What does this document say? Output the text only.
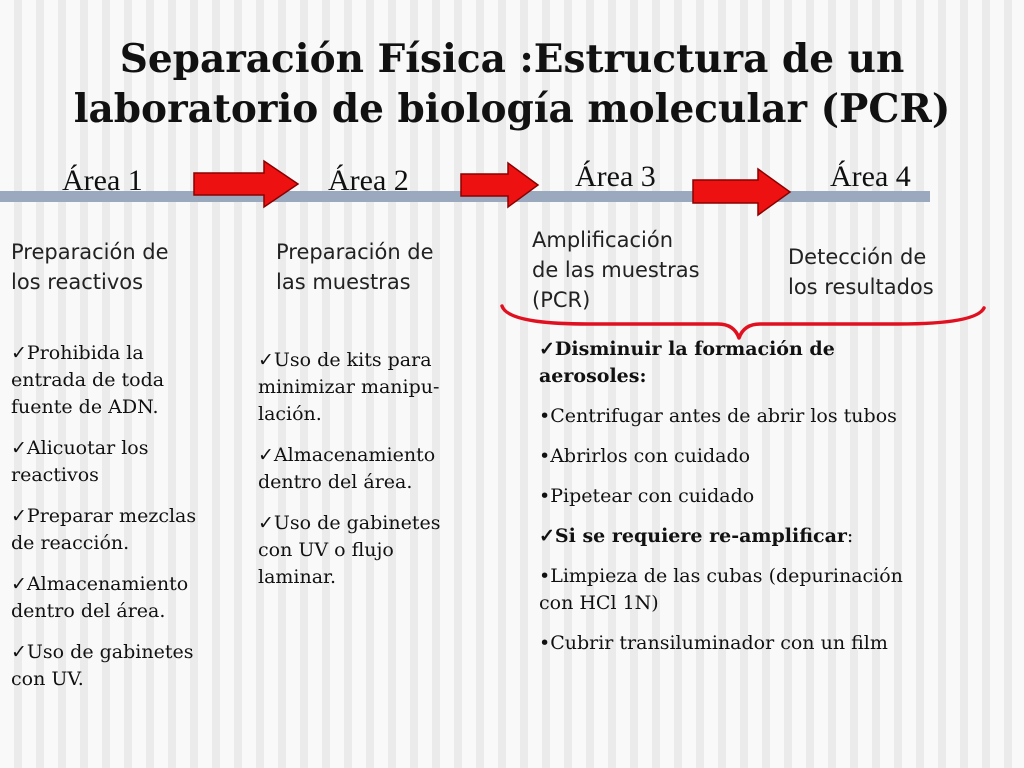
Separación Física :Estructura de un
laboratorio de biología molecular (PCR)
Área 1	Área 2	Área 3	Área 4
Preparación de
los reactivos
Preparación de
las muestras
Amplificación
de las muestras
(PCR)
Detección de
los resultados
✓Prohibida la
entrada de toda
fuente de ADN.
✓Alicuotar los
reactivos
✓Preparar mezclas
de reacción.
✓Almacenamiento
dentro del área.
✓Uso de gabinetes
con UV.
✓Uso de kits para
minimizar manipu-
lación.
✓Almacenamiento
dentro del área.
✓Uso de gabinetes
con UV o flujo
laminar.
✓Disminuir la formación de
aerosoles:
•Centrifugar antes de abrir los tubos
•Abrirlos con cuidado
•Pipetear con cuidado
✓Si se requiere re-amplificar:
•Limpieza de las cubas (depurinación
con HCl 1N)
•Cubrir transiluminador con un film
